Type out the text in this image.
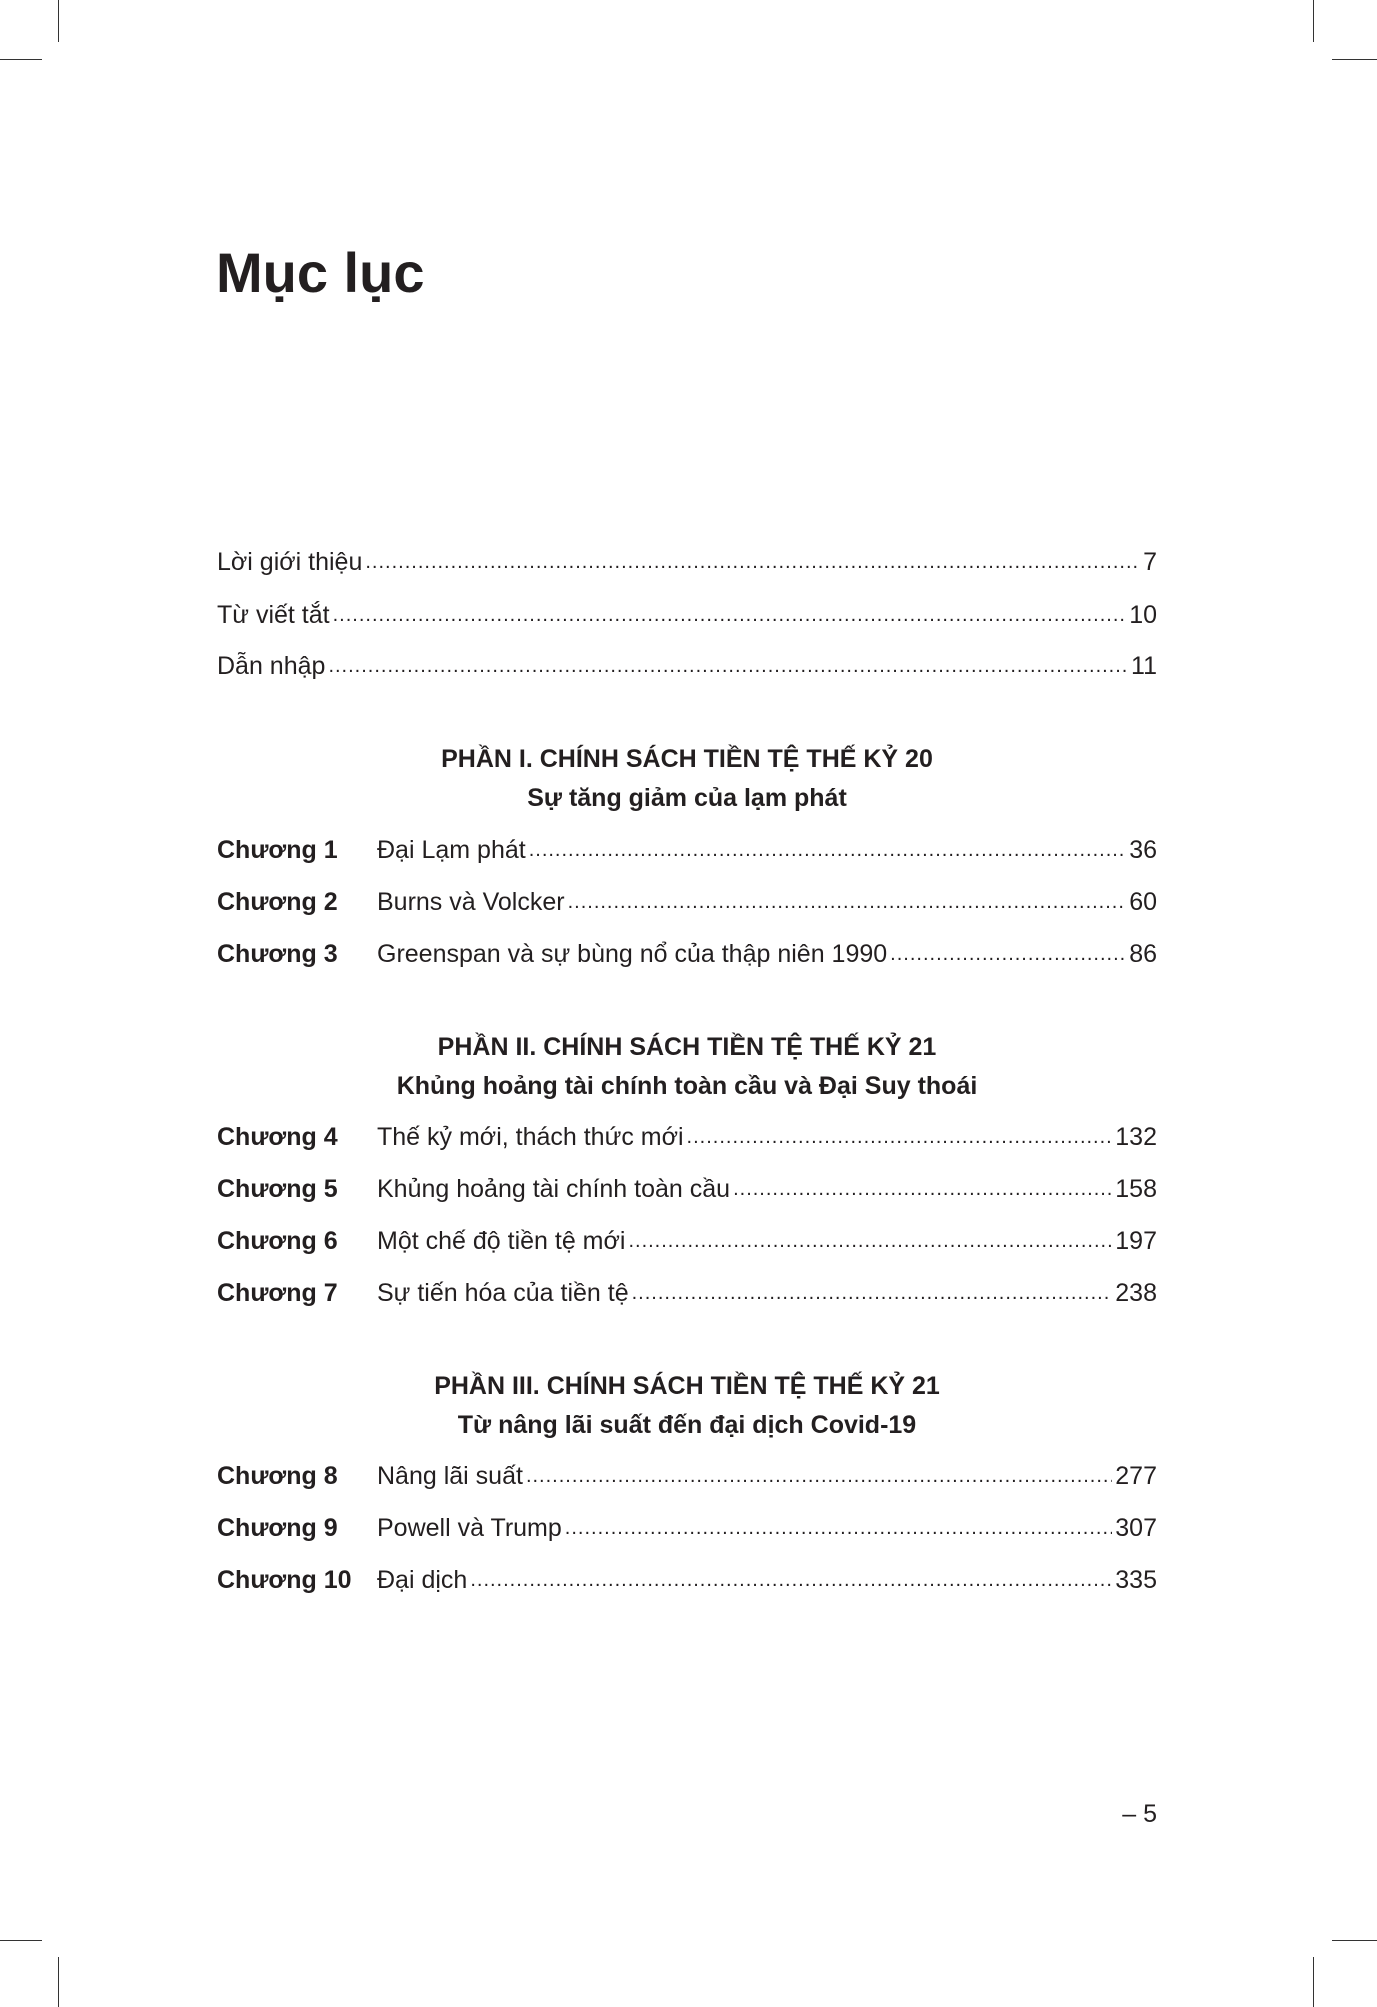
Mục lục
Lời giới thiệu .....	7
Từ viết tắt .....	10
Dẫn nhập .....	11
PHẦN I. CHÍNH SÁCH TIỀN TỆ THẾ KỶ 20
Sự tăng giảm của lạm phát
Chương 1	Đại Lạm phát .....	36
Chương 2	Burns và Volcker .....	60
Chương 3	Greenspan và sự bùng nổ của thập niên 1990 .....	86
PHẦN II. CHÍNH SÁCH TIỀN TỆ THẾ KỶ 21
Khủng hoảng tài chính toàn cầu và Đại Suy thoái
Chương 4	Thế kỷ mới, thách thức mới .....	132
Chương 5	Khủng hoảng tài chính toàn cầu .....	158
Chương 6	Một chế độ tiền tệ mới .....	197
Chương 7	Sự tiến hóa của tiền tệ .....	238
PHẦN III. CHÍNH SÁCH TIỀN TỆ THẾ KỶ 21
Từ nâng lãi suất đến đại dịch Covid-19
Chương 8	Nâng lãi suất .....	277
Chương 9	Powell và Trump .....	307
Chương 10	Đại dịch .....	335
– 5
